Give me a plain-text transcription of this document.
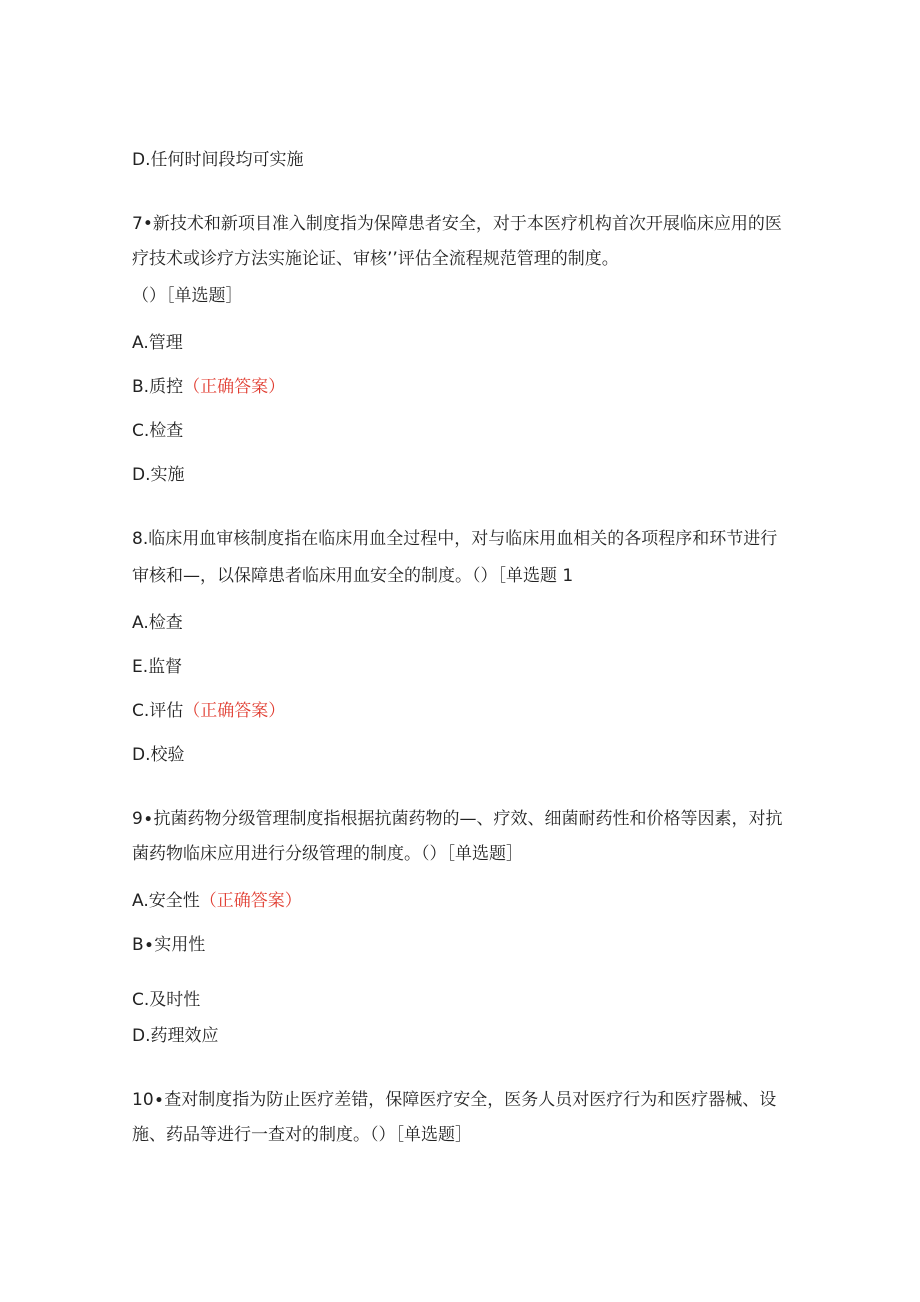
D.任何时间段均可实施
7•新技术和新项目准入制度指为保障患者安全，对于本医疗机构首次开展临床应用的医
疗技术或诊疗方法实施论证、审核’’评估全流程规范管理的制度。
（）［单选题］
A.管理
B.质控（正确答案）
C.检查
D.实施
8.临床用血审核制度指在临床用血全过程中，对与临床用血相关的各项程序和环节进行
审核和—，以保障患者临床用血安全的制度。（）［单选题 1
A.检查
E.监督
C.评估（正确答案）
D.校验
9∙抗菌药物分级管理制度指根据抗菌药物的—、疗效、细菌耐药性和价格等因素，对抗
菌药物临床应用进行分级管理的制度。（）［单选题］
A.安全性（正确答案）
B∙实用性
C.及时性
D.药理效应
10∙查对制度指为防止医疗差错，保障医疗安全，医务人员对医疗行为和医疗器械、设
施、药品等进行一查对的制度。（）［单选题］
